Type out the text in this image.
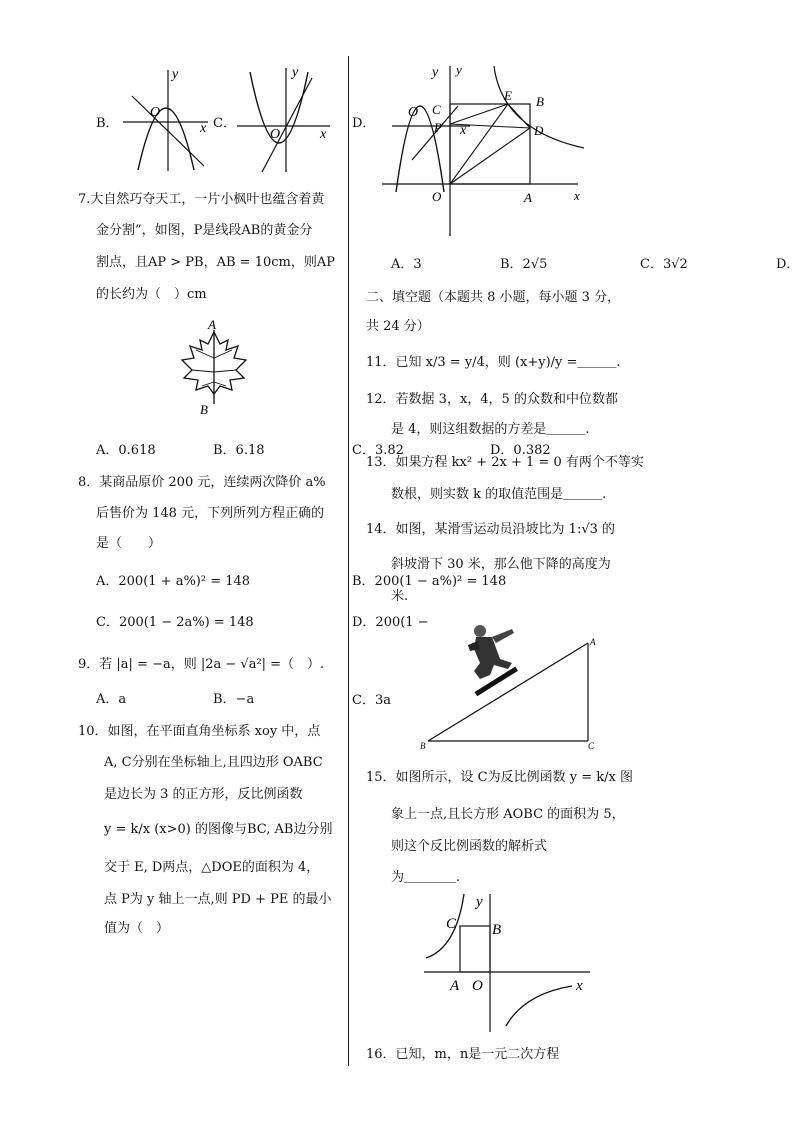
B．	x
y
O
C．
x
y
O
7.大自然巧夺天工，一片小枫叶也蕴含着黄
金分割”，如图，P是线段AB的黄金分
割点，且AP > PB，AB = 10cm，则AP
的长约为（　）cm
A
B
A．0.618	B．6.18	C．3.82	D．0.382
8．某商品原价 200 元，连续两次降价 a%
后售价为 148 元，下列所列方程正确的
是（　　）
A．200(1 + a%)² = 148	B．200(1 − a%)² = 148
C．200(1 − 2a%) = 148	D．200(1 −
9．若 |a| = −a，则 |2a − √a²| =（　）.
A．a	B．−a	C．3a
10．如图，在平面直角坐标系 xoy 中，点
A, C分别在坐标轴上,且四边形 OABC
是边长为 3 的正方形，反比例函数
y = k/x (x>0) 的图像与BC, AB边分别
交于 E, D两点，△DOE的面积为 4，
点 P为 y 轴上一点,则 PD + PE 的最小
值为（　）
D．
C
P
E B
D
O	A	x
y
O
x
y
A．3	B．2√5	C．3√2	D．
二、填空题（本题共 8 小题，每小题 3 分，
共 24 分）
11．已知 x/3 = y/4，则 (x+y)/y =＿＿＿.
12．若数据 3，x，4，5 的众数和中位数都
是 4，则这组数据的方差是＿＿＿.
13．如果方程 kx² + 2x + 1 = 0 有两个不等实
数根，则实数 k 的取值范围是＿＿＿.
14．如图，某滑雪运动员沿坡比为 1:√3 的
斜坡滑下 30 米，那么他下降的高度为
米.
A
B	C
15．如图所示，设 C为反比例函数 y = k/x 图
象上一点,且长方形 AOBC 的面积为 5，
则这个反比例函数的解析式
为＿＿＿＿.
C B
A O	x
y
16．已知，m，n是一元二次方程
